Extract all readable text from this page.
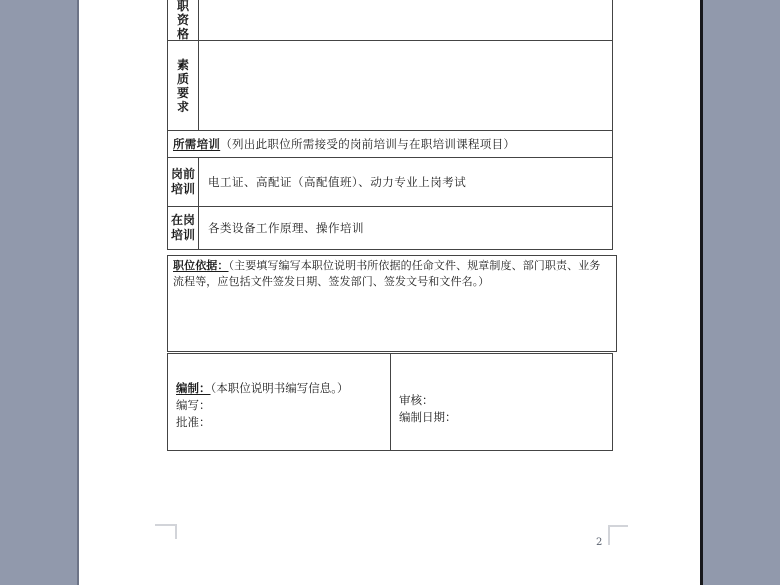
职资格
素质要求
所需培训 （列出此职位所需接受的岗前培训与在职培训课程项目）
岗前培训	电工证、高配证（高配值班）、动力专业上岗考试
在岗培训	各类设备工作原理、操作培训
职位依据：（主要填写编写本职位说明书所依据的任命文件、规章制度、部门职责、业务流程等，应包括文件签发日期、签发部门、签发文号和文件名。）
编制：（本职位说明书编写信息。）
编写：
批准：
审核：
编制日期：
2
